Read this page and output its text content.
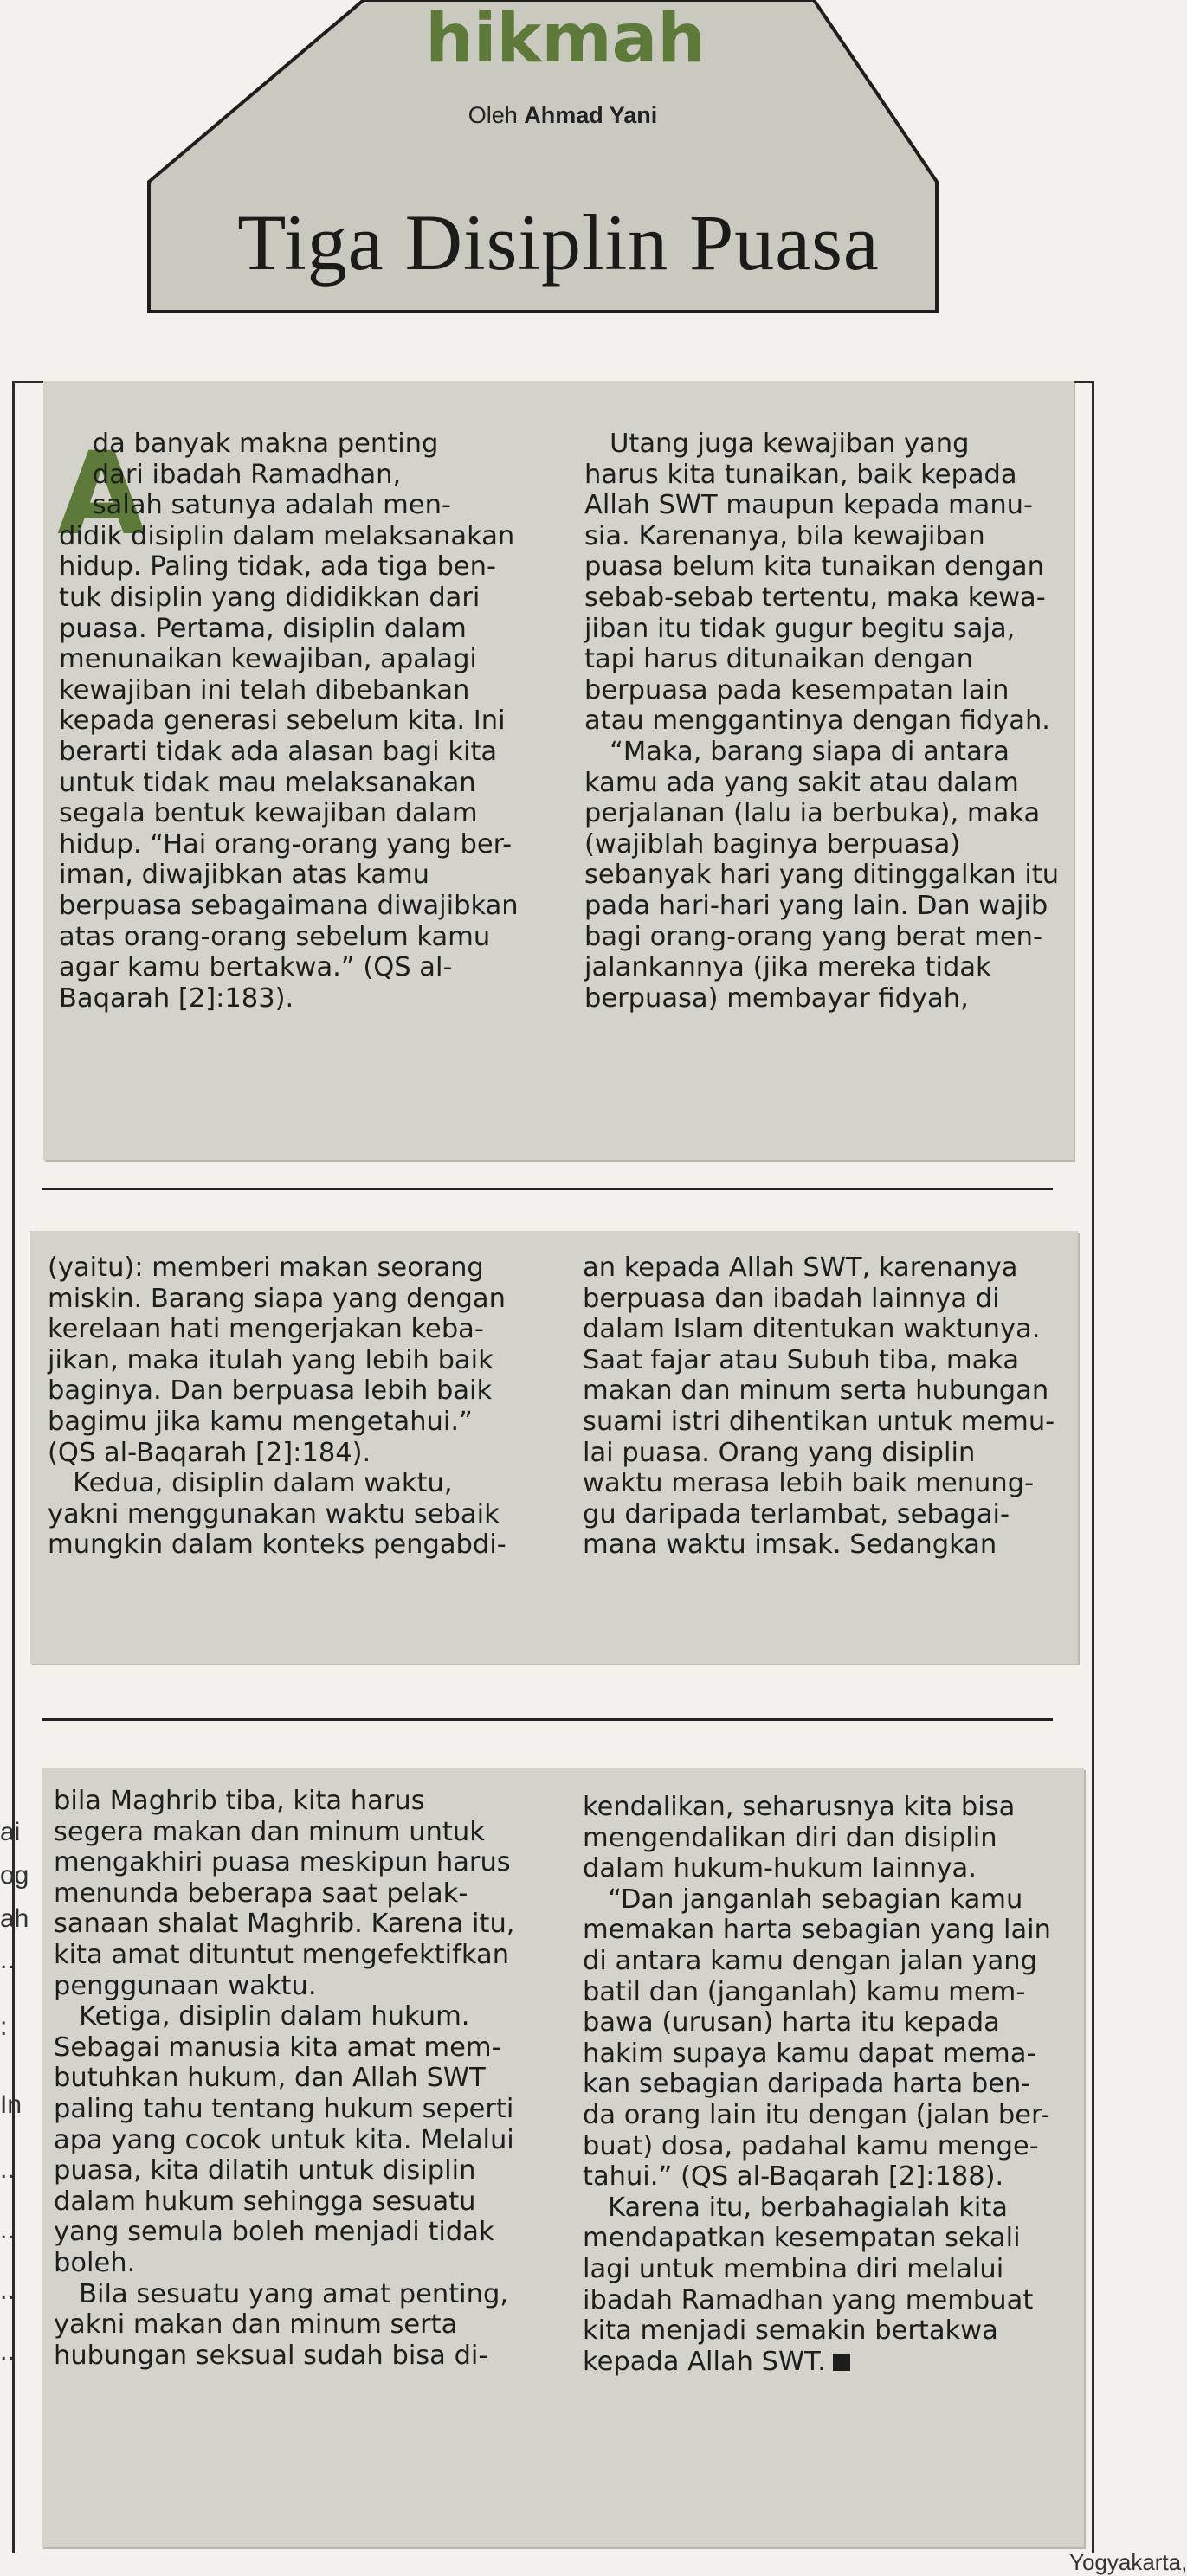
hikmah
Oleh Ahmad Yani
Tiga Disiplin Puasa
A
da banyak makna penting
dari ibadah Ramadhan,
salah satunya adalah men-
didik disiplin dalam melaksanakan
hidup. Paling tidak, ada tiga ben-
tuk disiplin yang dididikkan dari
puasa. Pertama, disiplin dalam
menunaikan kewajiban, apalagi
kewajiban ini telah dibebankan
kepada generasi sebelum kita. Ini
berarti tidak ada alasan bagi kita
untuk tidak mau melaksanakan
segala bentuk kewajiban dalam
hidup. “Hai orang-orang yang ber-
iman, diwajibkan atas kamu
berpuasa sebagaimana diwajibkan
atas orang-orang sebelum kamu
agar kamu bertakwa.” (QS al-
Baqarah [2]:183).
Utang juga kewajiban yang
harus kita tunaikan, baik kepada
Allah SWT maupun kepada manu-
sia. Karenanya, bila kewajiban
puasa belum kita tunaikan dengan
sebab-sebab tertentu, maka kewa-
jiban itu tidak gugur begitu saja,
tapi harus ditunaikan dengan
berpuasa pada kesempatan lain
atau menggantinya dengan fidyah.
“Maka, barang siapa di antara
kamu ada yang sakit atau dalam
perjalanan (lalu ia berbuka), maka
(wajiblah baginya berpuasa)
sebanyak hari yang ditinggalkan itu
pada hari-hari yang lain. Dan wajib
bagi orang-orang yang berat men-
jalankannya (jika mereka tidak
berpuasa) membayar fidyah,
(yaitu): memberi makan seorang
miskin. Barang siapa yang dengan
kerelaan hati mengerjakan keba-
jikan, maka itulah yang lebih baik
baginya. Dan berpuasa lebih baik
bagimu jika kamu mengetahui.”
(QS al-Baqarah [2]:184).
Kedua, disiplin dalam waktu,
yakni menggunakan waktu sebaik
mungkin dalam konteks pengabdi-
an kepada Allah SWT, karenanya
berpuasa dan ibadah lainnya di
dalam Islam ditentukan waktunya.
Saat fajar atau Subuh tiba, maka
makan dan minum serta hubungan
suami istri dihentikan untuk memu-
lai puasa. Orang yang disiplin
waktu merasa lebih baik menung-
gu daripada terlambat, sebagai-
mana waktu imsak. Sedangkan
bila Maghrib tiba, kita harus
segera makan dan minum untuk
mengakhiri puasa meskipun harus
menunda beberapa saat pelak-
sanaan shalat Maghrib. Karena itu,
kita amat dituntut mengefektifkan
penggunaan waktu.
Ketiga, disiplin dalam hukum.
Sebagai manusia kita amat mem-
butuhkan hukum, dan Allah SWT
paling tahu tentang hukum seperti
apa yang cocok untuk kita. Melalui
puasa, kita dilatih untuk disiplin
dalam hukum sehingga sesuatu
yang semula boleh menjadi tidak
boleh.
Bila sesuatu yang amat penting,
yakni makan dan minum serta
hubungan seksual sudah bisa di-
kendalikan, seharusnya kita bisa
mengendalikan diri dan disiplin
dalam hukum-hukum lainnya.
“Dan janganlah sebagian kamu
memakan harta sebagian yang lain
di antara kamu dengan jalan yang
batil dan (janganlah) kamu mem-
bawa (urusan) harta itu kepada
hakim supaya kamu dapat mema-
kan sebagian daripada harta ben-
da orang lain itu dengan (jalan ber-
buat) dosa, padahal kamu menge-
tahui.” (QS al-Baqarah [2]:188).
Karena itu, berbahagialah kita
mendapatkan kesempatan sekali
lagi untuk membina diri melalui
ibadah Ramadhan yang membuat
kita menjadi semakin bertakwa
kepada Allah SWT.
ai
og
ah
..
:
In
..
..
..
..
Yogyakarta,
